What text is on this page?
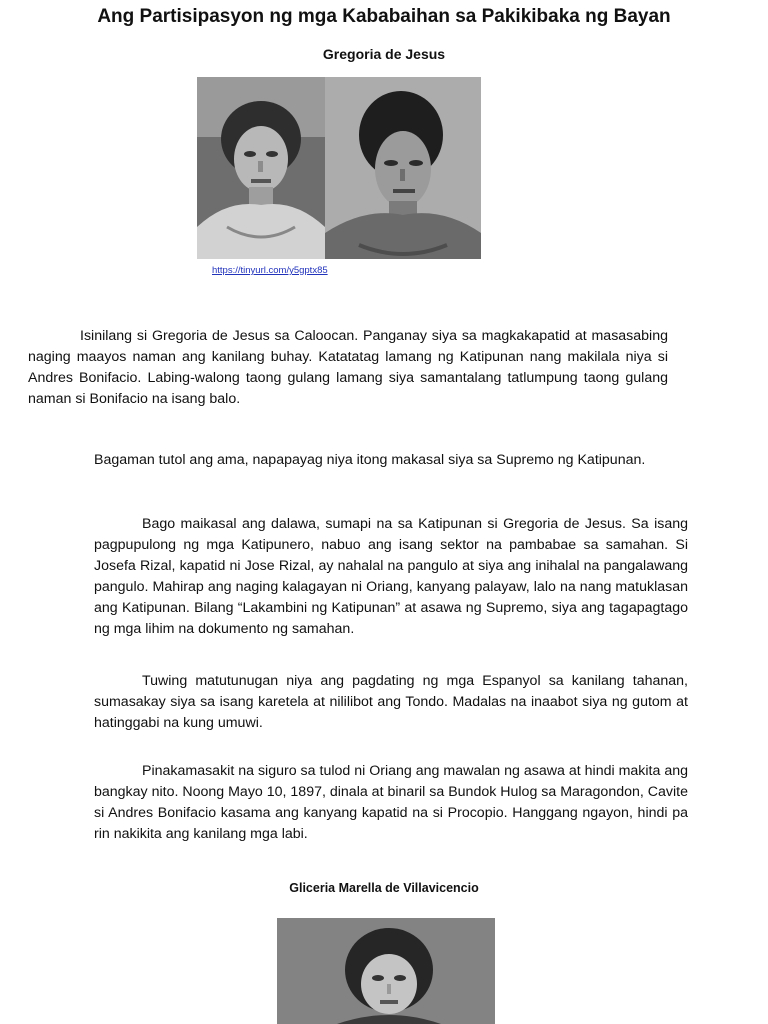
Ang Partisipasyon ng mga Kababaihan sa Pakikibaka ng Bayan
Gregoria de Jesus
https://tinyurl.com/y5gptx85

Isinilang si Gregoria de Jesus sa Caloocan. Panganay siya sa magkakapatid at masasabing naging maayos naman ang kanilang buhay. Katatatag lamang ng Katipunan nang makilala niya si Andres Bonifacio. Labing-walong taong gulang lamang siya samantalang tatlumpung taong gulang naman si Bonifacio na isang balo.

Bagaman tutol ang ama, napapayag niya itong makasal siya sa Supremo ng Katipunan.

Bago maikasal ang dalawa, sumapi na sa Katipunan si Gregoria de Jesus. Sa isang pagpupulong ng mga Katipunero, nabuo ang isang sektor na pambabae sa samahan. Si Josefa Rizal, kapatid ni Jose Rizal, ay nahalal na pangulo at siya ang inihalal na pangalawang pangulo. Mahirap ang naging kalagayan ni Oriang, kanyang palayaw, lalo na nang matuklasan ang Katipunan. Bilang “Lakambini ng Katipunan” at asawa ng Supremo, siya ang tagapagtago ng mga lihim na dokumento ng samahan.

Tuwing matutunugan niya ang pagdating ng mga Espanyol sa kanilang tahanan, sumasakay siya sa isang karetela at nililibot ang Tondo. Madalas na inaabot siya ng gutom at hatinggabi na kung umuwi.

Pinakamasakit na siguro sa tulod ni Oriang ang mawalan ng asawa at hindi makita ang bangkay nito. Noong Mayo 10, 1897, dinala at binaril sa Bundok Hulog sa Maragondon, Cavite si Andres Bonifacio kasama ang kanyang kapatid na si Procopio. Hanggang ngayon, hindi pa rin nakikita ang kanilang mga labi.

Gliceria Marella de Villavicencio
